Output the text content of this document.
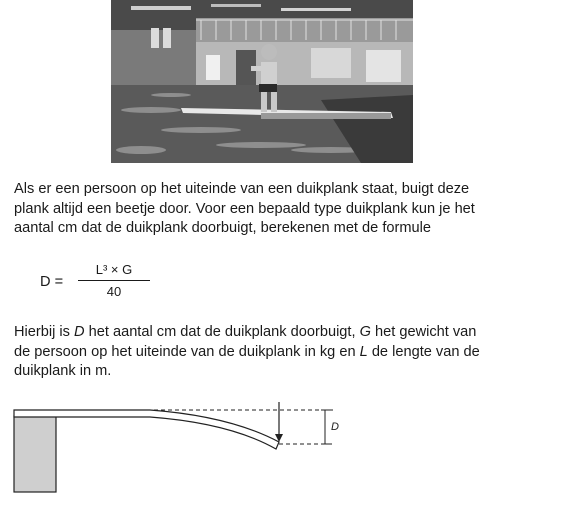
Als er een persoon op het uiteinde van een duikplank staat, buigt deze
plank altijd een beetje door. Voor een bepaald type duikplank kun je het
aantal cm dat de duikplank doorbuigt, berekenen met de formule

D =
L³ × G
40

Hierbij is D het aantal cm dat de duikplank doorbuigt, G het gewicht van
de persoon op het uiteinde van de duikplank in kg en L de lengte van de
duikplank in m.

D
